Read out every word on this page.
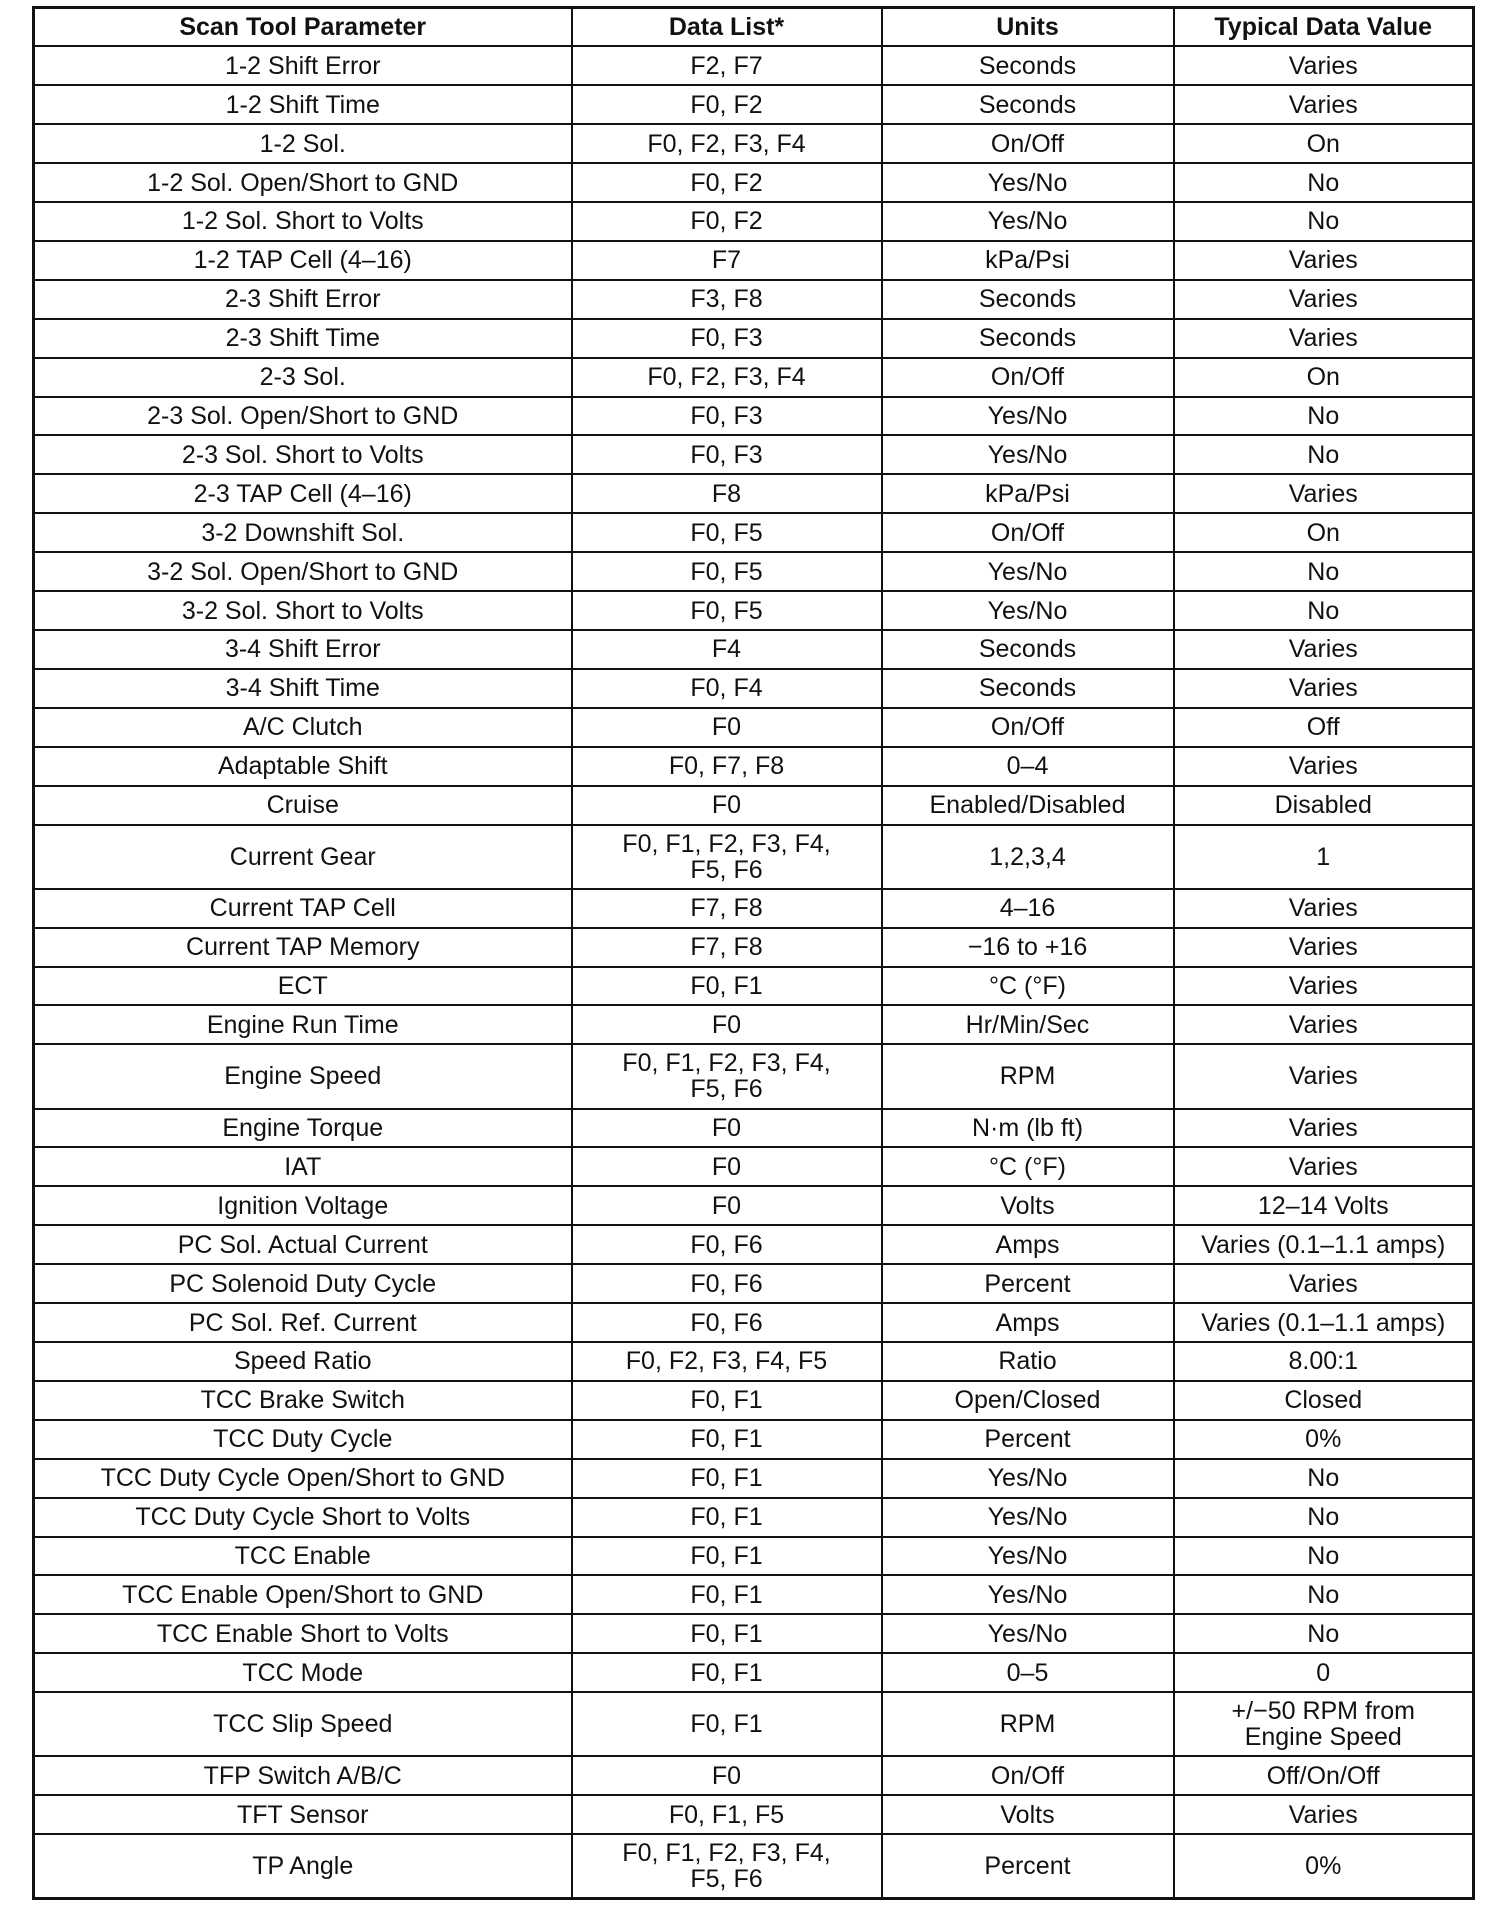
Scan Tool Parameter	Data List*	Units	Typical Data Value
1-2 Shift Error	F2, F7	Seconds	Varies
1-2 Shift Time	F0, F2	Seconds	Varies
1-2 Sol.	F0, F2, F3, F4	On/Off	On
1-2 Sol. Open/Short to GND	F0, F2	Yes/No	No
1-2 Sol. Short to Volts	F0, F2	Yes/No	No
1-2 TAP Cell (4–16)	F7	kPa/Psi	Varies
2-3 Shift Error	F3, F8	Seconds	Varies
2-3 Shift Time	F0, F3	Seconds	Varies
2-3 Sol.	F0, F2, F3, F4	On/Off	On
2-3 Sol. Open/Short to GND	F0, F3	Yes/No	No
2-3 Sol. Short to Volts	F0, F3	Yes/No	No
2-3 TAP Cell (4–16)	F8	kPa/Psi	Varies
3-2 Downshift Sol.	F0, F5	On/Off	On
3-2 Sol. Open/Short to GND	F0, F5	Yes/No	No
3-2 Sol. Short to Volts	F0, F5	Yes/No	No
3-4 Shift Error	F4	Seconds	Varies
3-4 Shift Time	F0, F4	Seconds	Varies
A/C Clutch	F0	On/Off	Off
Adaptable Shift	F0, F7, F8	0–4	Varies
Cruise	F0	Enabled/Disabled	Disabled
Current Gear	F0, F1, F2, F3, F4,
F5, F6	1,2,3,4	1
Current TAP Cell	F7, F8	4–16	Varies
Current TAP Memory	F7, F8	−16 to +16	Varies
ECT	F0, F1	°C (°F)	Varies
Engine Run Time	F0	Hr/Min/Sec	Varies
Engine Speed	F0, F1, F2, F3, F4,
F5, F6	RPM	Varies
Engine Torque	F0	N·m (lb ft)	Varies
IAT	F0	°C (°F)	Varies
Ignition Voltage	F0	Volts	12–14 Volts
PC Sol. Actual Current	F0, F6	Amps	Varies (0.1–1.1 amps)
PC Solenoid Duty Cycle	F0, F6	Percent	Varies
PC Sol. Ref. Current	F0, F6	Amps	Varies (0.1–1.1 amps)
Speed Ratio	F0, F2, F3, F4, F5	Ratio	8.00:1
TCC Brake Switch	F0, F1	Open/Closed	Closed
TCC Duty Cycle	F0, F1	Percent	0%
TCC Duty Cycle Open/Short to GND	F0, F1	Yes/No	No
TCC Duty Cycle Short to Volts	F0, F1	Yes/No	No
TCC Enable	F0, F1	Yes/No	No
TCC Enable Open/Short to GND	F0, F1	Yes/No	No
TCC Enable Short to Volts	F0, F1	Yes/No	No
TCC Mode	F0, F1	0–5	0
TCC Slip Speed	F0, F1	RPM	+/−50 RPM from
Engine Speed
TFP Switch A/B/C	F0	On/Off	Off/On/Off
TFT Sensor	F0, F1, F5	Volts	Varies
TP Angle	F0, F1, F2, F3, F4,
F5, F6	Percent	0%
